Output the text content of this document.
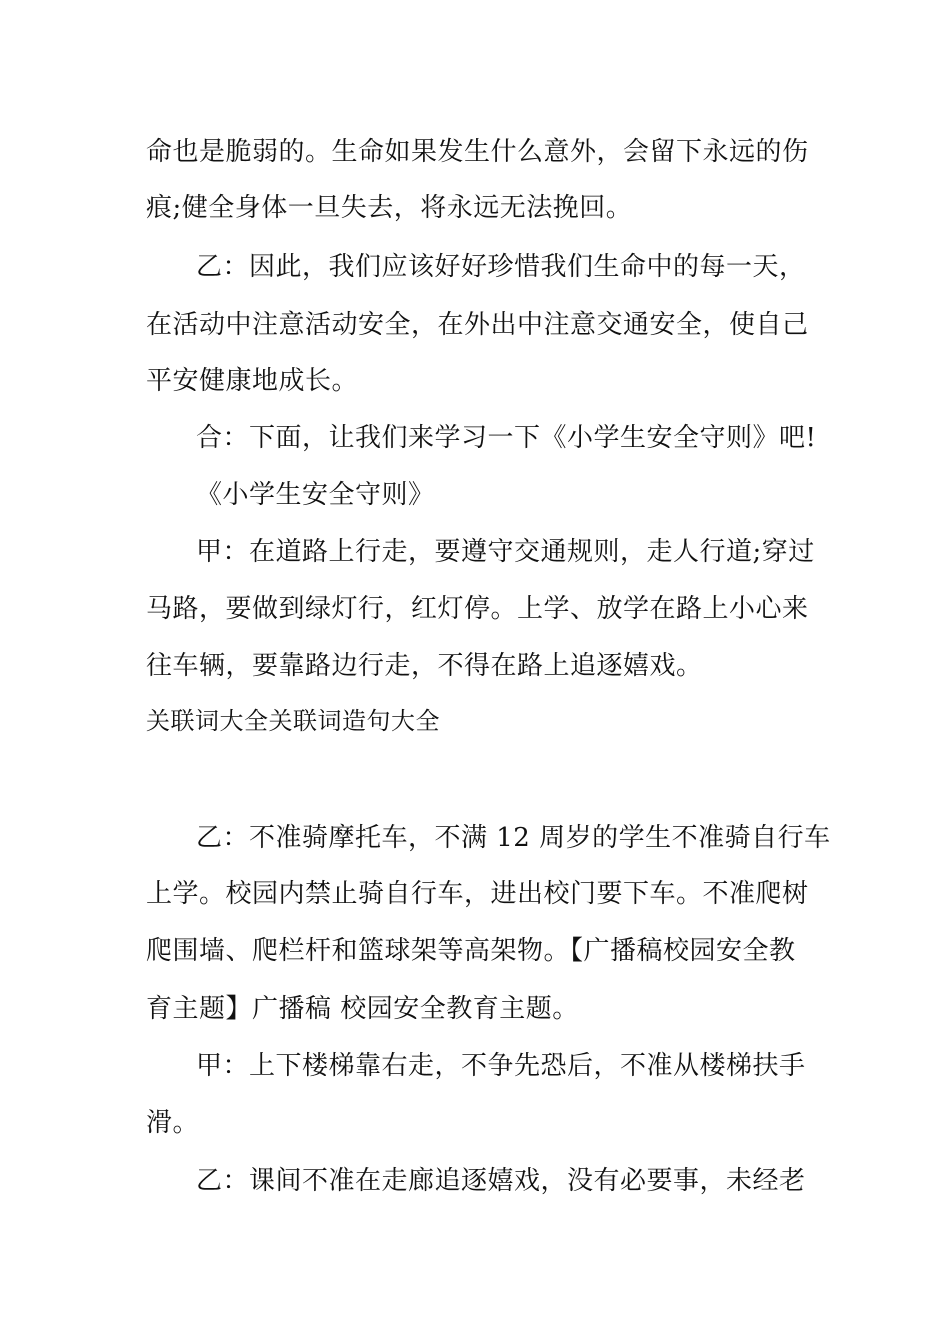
命也是脆弱的。生命如果发生什么意外，会留下永远的伤
痕;健全身体一旦失去，将永远无法挽回。
乙：因此，我们应该好好珍惜我们生命中的每一天，
在活动中注意活动安全，在外出中注意交通安全，使自己
平安健康地成长。
合：下面，让我们来学习一下《小学生安全守则》吧!
《小学生安全守则》
甲：在道路上行走，要遵守交通规则，走人行道;穿过
马路，要做到绿灯行，红灯停。上学、放学在路上小心来
往车辆，要靠路边行走，不得在路上追逐嬉戏。
关联词大全关联词造句大全
乙：不准骑摩托车，不满 12 周岁的学生不准骑自行车
上学。校园内禁止骑自行车，进出校门要下车。不准爬树
爬围墙、爬栏杆和篮球架等高架物。【广播稿校园安全教
育主题】广播稿 校园安全教育主题。
甲：上下楼梯靠右走，不争先恐后，不准从楼梯扶手
滑。
乙：课间不准在走廊追逐嬉戏，没有必要事，未经老
